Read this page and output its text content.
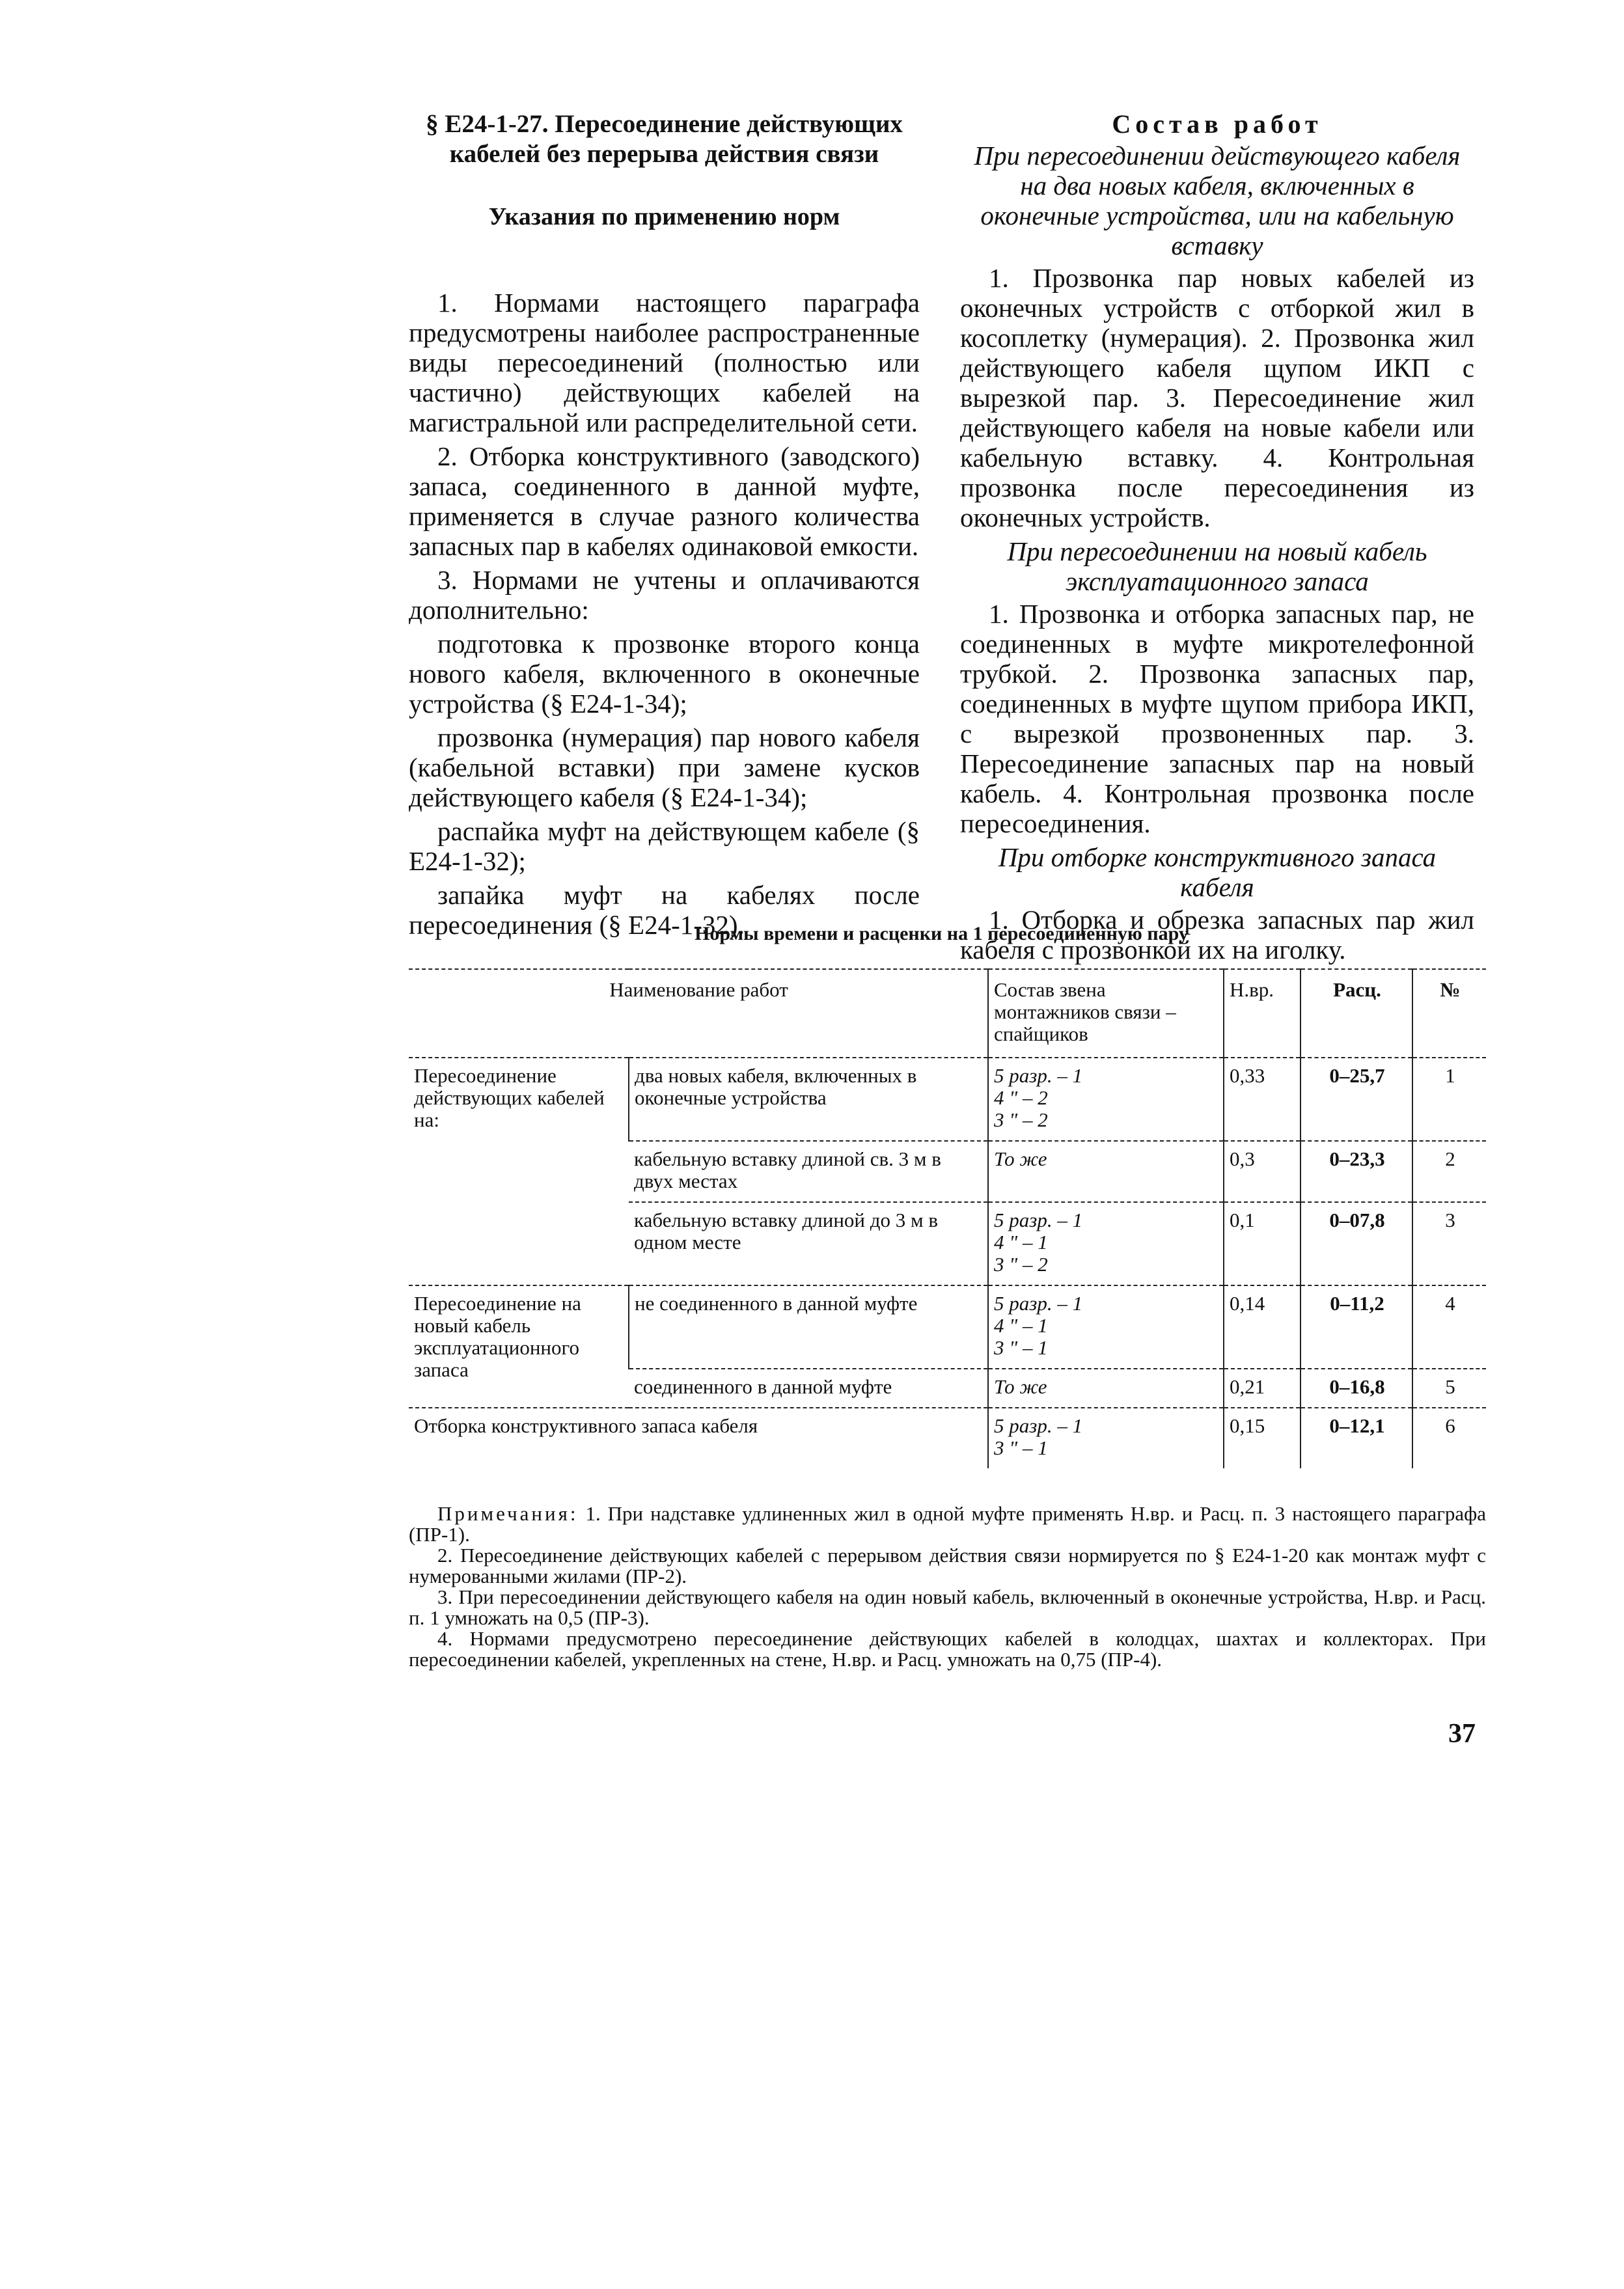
§ Е24-1-27. Пересоединение действующих кабелей без перерыва действия связи
Указания по применению норм

1. Нормами настоящего параграфа предусмотрены наиболее распространенные виды пересоединений (полностью или частично) действующих кабелей на магистральной или распределительной сети.

2. Отборка конструктивного (заводского) запаса, соединенного в данной муфте, применяется в случае разного количества запасных пар в кабелях одинаковой емкости.

3. Нормами не учтены и оплачиваются дополнительно:

подготовка к прозвонке второго конца нового кабеля, включенного в оконечные устройства (§ Е24-1-34);

прозвонка (нумерация) пар нового кабеля (кабельной вставки) при замене кусков действующего кабеля (§ Е24-1-34);

распайка муфт на действующем кабеле (§ Е24-1-32);

запайка муфт на кабелях после пересоединения (§ Е24-1-32).

Состав работ
При пересоединении действующего кабеля на два новых кабеля, включенных в оконечные устройства, или на кабельную вставку

1. Прозвонка пар новых кабелей из оконечных устройств с отборкой жил в косоплетку (нумерация). 2. Прозвонка жил действующего кабеля щупом ИКП с вырезкой пар. 3. Пересоединение жил действующего кабеля на новые кабели или кабельную вставку. 4. Контрольная прозвонка после пересоединения из оконечных устройств.

При пересоединении на новый кабель эксплуатационного запаса

1. Прозвонка и отборка запасных пар, не соединенных в муфте микротелефонной трубкой. 2. Прозвонка запасных пар, соединенных в муфте щупом прибора ИКП, с вырезкой прозвоненных пар. 3. Пересоединение запасных пар на новый кабель. 4. Контрольная прозвонка после пересоединения.

При отборке конструктивного запаса кабеля

1. Отборка и обрезка запасных пар жил кабеля с прозвонкой их на иголку.

Нормы времени и расценки на 1 пересоединенную пару
Наименование работ		Состав звена монтажников связи – спайщиков	Н.вр.	Расц.	№
Пересоединение действующих кабелей на:	два новых кабеля, включенных в оконечные устройства	5 разр. – 1
4 " – 2
3 " – 2	0,33	0–25,7	1
	кабельную вставку длиной св. 3 м в двух местах	То же	0,3	0–23,3	2
	кабельную вставку длиной до 3 м в одном месте	5 разр. – 1
4 " – 1
3 " – 2	0,1	0–07,8	3
Пересоединение на новый кабель эксплуатационного запаса	не соединенного в данной муфте	5 разр. – 1
4 " – 1
3 " – 1	0,14	0–11,2	4
	соединенного в данной муфте	То же	0,21	0–16,8	5
Отборка конструктивного запаса кабеля		5 разр. – 1
3 " – 1	0,15	0–12,1	6

Примечания: 1. При надставке удлиненных жил в одной муфте применять Н.вр. и Расц. п. 3 настоящего параграфа (ПР-1).

2. Пересоединение действующих кабелей с перерывом действия связи нормируется по § Е24-1-20 как монтаж муфт с нумерованными жилами (ПР-2).

3. При пересоединении действующего кабеля на один новый кабель, включенный в оконечные устройства, Н.вр. и Расц. п. 1 умножать на 0,5 (ПР-3).

4. Нормами предусмотрено пересоединение действующих кабелей в колодцах, шахтах и коллекторах. При пересоединении кабелей, укрепленных на стене, Н.вр. и Расц. умножать на 0,75 (ПР-4).

37
